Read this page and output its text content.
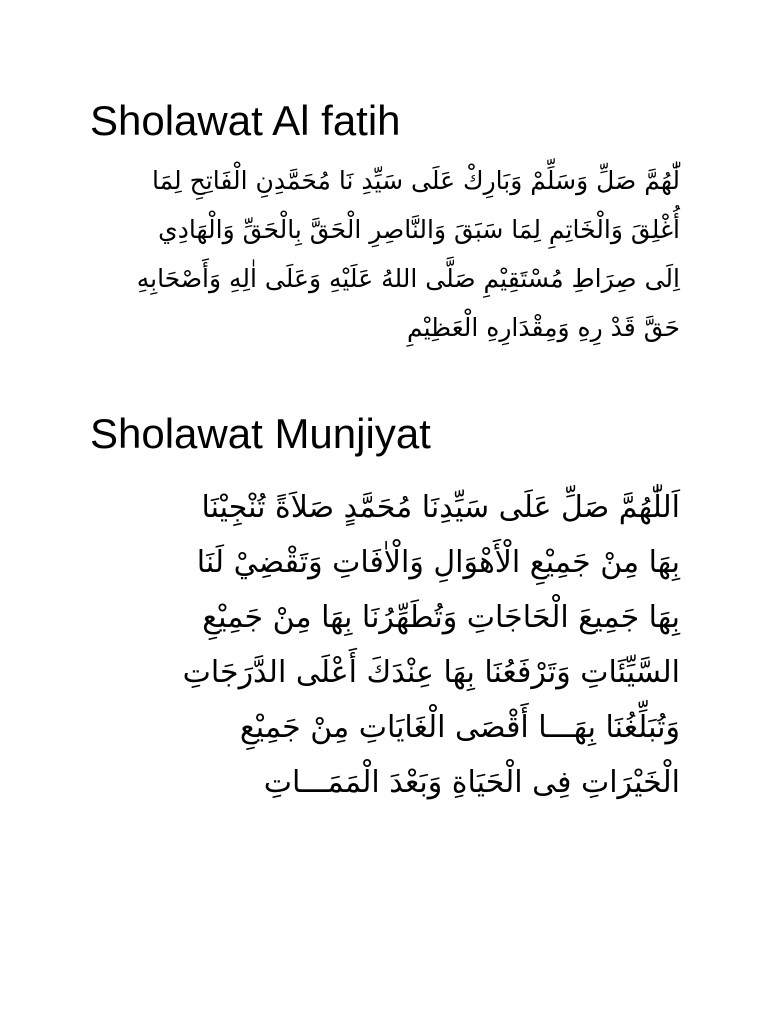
Sholawat Al fatih
لّٰهُمَّ صَلِّ وَسَلِّمْ وَبَارِكْ عَلَى سَيِّدِ نَا مُحَمَّدِنِ الْفَاتِحِ لِمَا
أُغْلِقَ وَالْخَاتِمِ لِمَا سَبَقَ وَالنَّاصِرِ الْحَقَّ بِالْحَقِّ وَالْهَادِي
اِلَى صِرَاطِ مُسْتَقِيْمِ صَلَّى اللهُ عَلَيْهِ وَعَلَى اٰلِهِ وَأَصْحَابِهِ
حَقَّ قَدْ رِهِ وَمِقْدَارِهِ الْعَظِيْمِ
Sholawat Munjiyat
اَللّٰهُمَّ صَلِّ عَلَى سَيِّدِنَا مُحَمَّدٍ صَلاَةً تُنْجِيْنَا
بِهَا مِنْ جَمِيْعِ الْأَهْوَالِ وَالْاٰفَاتِ وَتَقْضِيْ لَنَا
بِهَا جَمِيعَ الْحَاجَاتِ وَتُطَهِّرُنَا بِهَا مِنْ جَمِيْعِ
السَّيِّئَاتِ وَتَرْفَعُنَا بِهَا عِنْدَكَ أَعْلَى الدَّرَجَاتِ
وَتُبَلِّغُنَا بِهَـــا أَقْصَى الْغَايَاتِ مِنْ جَمِيْعِ
الْخَيْرَاتِ فِى الْحَيَاةِ وَبَعْدَ الْمَمَـــاتِ
